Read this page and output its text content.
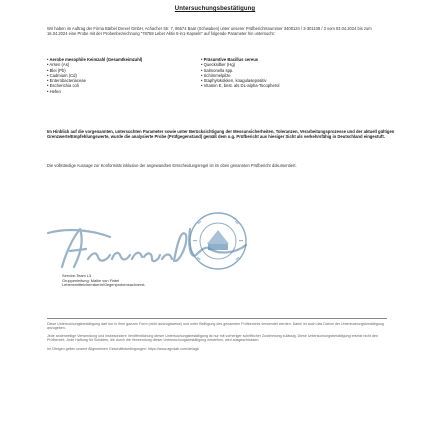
Untersuchungsbestätigung
Wir haben im Auftrag der Firma Bärbel Drexel GmbH, Achacher Str. 7, 86674 Baar (Schwaben) unter unserer Prüfberichtsnummer 3408124 / 3-301108 / 3 vom 03.04.2024 bis zum 16.04.2024 eine Probe mit der Probenbezeichnung "78758 Leber Aktiv 5-in1-Kapseln" auf folgende Parameter hin untersucht:
• Aerobe mesophile Keimzahl (Gesamtkeimzahl)
• Arsen (As)
• Blei (Pb)
• Cadmium (Cd)
• Enterobacteriaceae
• Escherichia coli
• Hefen
• Präsumtive Bacillus cereus
• Quecksilber (Hg)
• Salmonella spp.
• Schimmelpilze
• Staphylokokken, koagulasepositiv
• Vitamin E, best. als DL-alpha-Tocopherol
Im Hinblick auf die vorgenannten, untersuchten Parameter sowie unter Berücksichtigung der Messunsicherheiten, Toleranzen, Verarbeitungsprozesse und der aktuell gültigen Grenzwerte/Empfehlungswerte, wurde die analysierte Probe (Prüfgegenstand) gemäß dem o.g. Prüfbericht aus hiesiger Sicht als verkehrsfähig in Deutschland eingestuft.
Die vollständige Aussage zur Konformität inklusive der angewandten Entscheidungsregel ist im oben genannten Prüfbericht dokumentiert.
Service-Team L3
Gruppenleitung: Maike von Fintel
Lebensmittelchemikerin/Gegenprobensachverst.

Diese Untersuchungsbestätigung darf nur in ihrer ganzen Form (nicht auszugsweise) und unter Beifügung des genannten Prüfberichts verwendet werden. Dabei ist auch das Datum der Untersuchungsbestätigung anzugeben.

Jede anderweitige Verwendung und insbesondere Veröffentlichung dieser Untersuchungsbestätigung ist nur mit vorheriger schriftlicher Zustimmung zulässig. Diese Untersuchungsbestätigung ersetzt nicht den Prüfbericht. Jede Haftung für Schäden, die durch die Verwendung dieser Untersuchungsbestätigung entstehen, wird ausgeschlossen.

Im Übrigen gelten unsere Allgemeinen Geschäftsbedingungen: https://www.agrolab.com/de/agb
